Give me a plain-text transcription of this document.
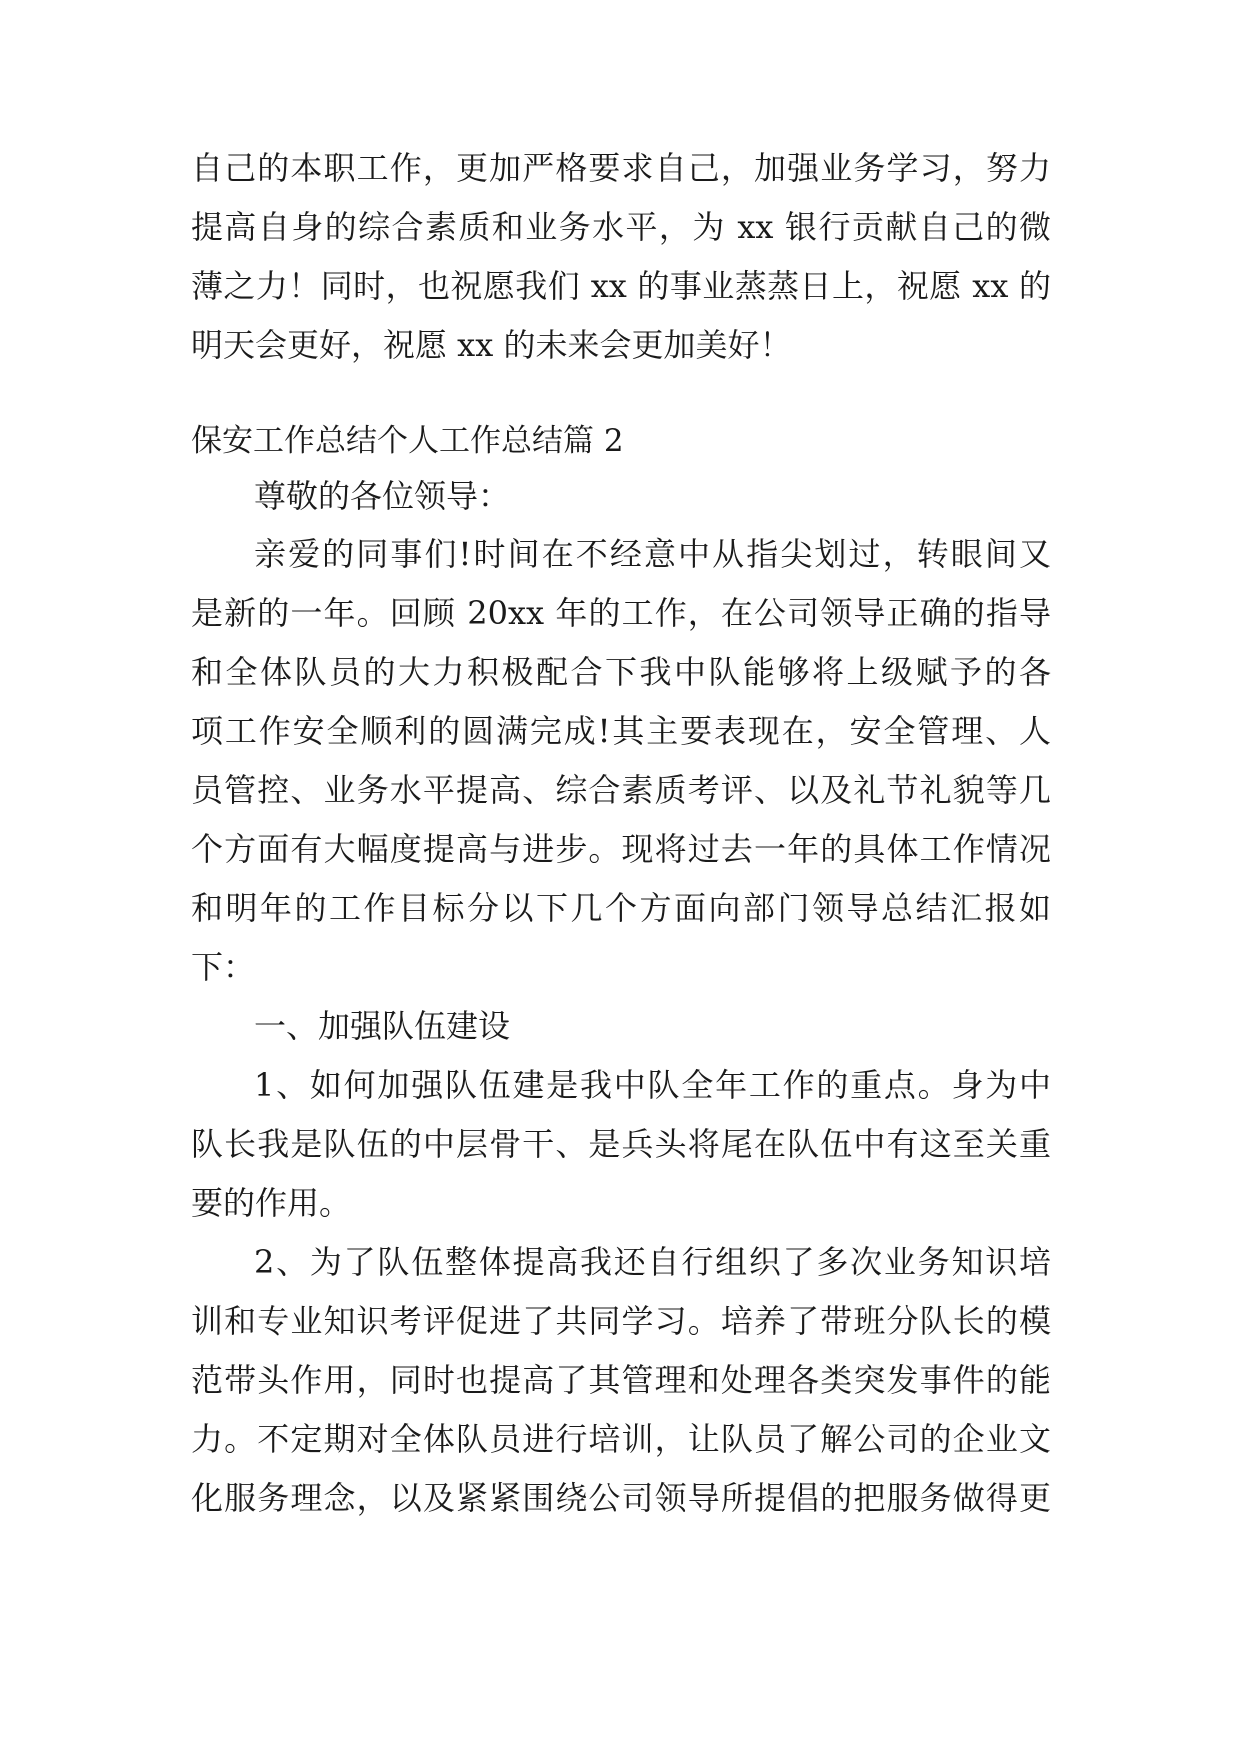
自己的本职工作，更加严格要求自己，加强业务学习，努力
提高自身的综合素质和业务水平，为 xx 银行贡献自己的微
薄之力！同时，也祝愿我们 xx 的事业蒸蒸日上，祝愿 xx 的
明天会更好，祝愿 xx 的未来会更加美好！
保安工作总结个人工作总结篇 2
尊敬的各位领导：
亲爱的同事们!时间在不经意中从指尖划过，转眼间又
是新的一年。回顾 20xx 年的工作，在公司领导正确的指导
和全体队员的大力积极配合下我中队能够将上级赋予的各
项工作安全顺利的圆满完成!其主要表现在，安全管理、人
员管控、业务水平提高、综合素质考评、以及礼节礼貌等几
个方面有大幅度提高与进步。现将过去一年的具体工作情况
和明年的工作目标分以下几个方面向部门领导总结汇报如
下：
一、加强队伍建设
1、如何加强队伍建是我中队全年工作的重点。身为中
队长我是队伍的中层骨干、是兵头将尾在队伍中有这至关重
要的作用。
2、为了队伍整体提高我还自行组织了多次业务知识培
训和专业知识考评促进了共同学习。培养了带班分队长的模
范带头作用，同时也提高了其管理和处理各类突发事件的能
力。不定期对全体队员进行培训，让队员了解公司的企业文
化服务理念，以及紧紧围绕公司领导所提倡的把服务做得更
